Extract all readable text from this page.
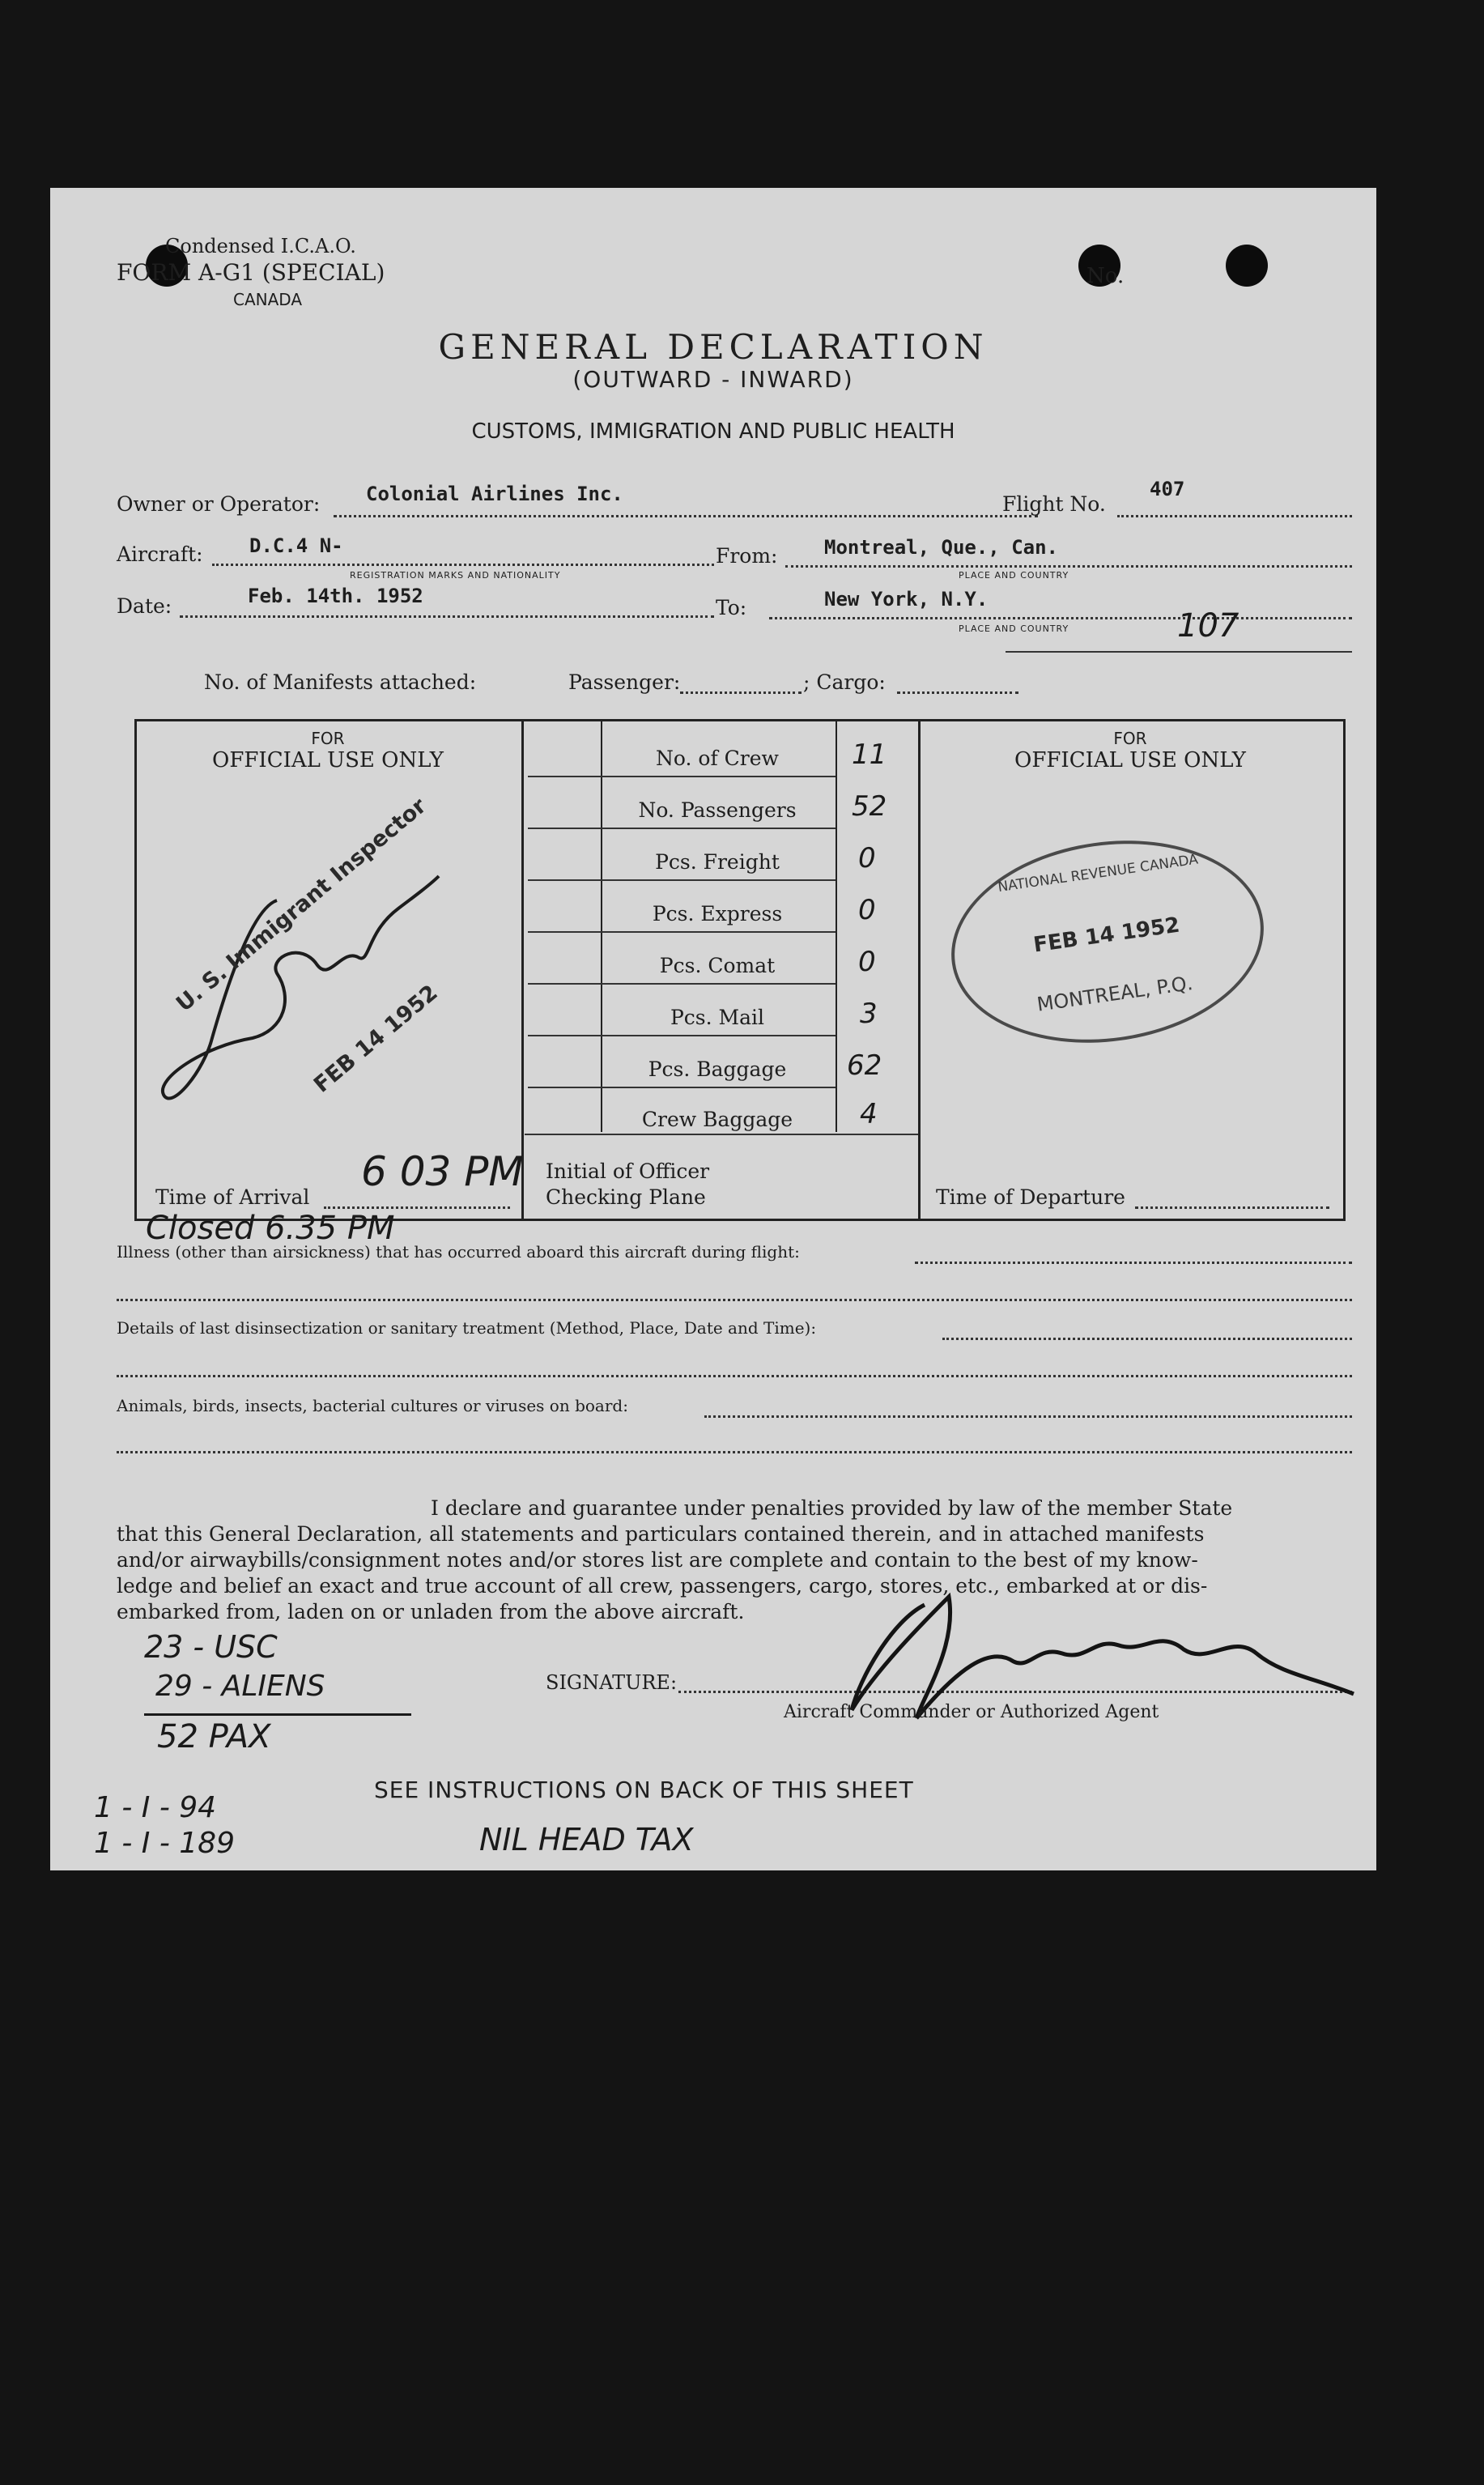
Condensed I.C.A.O.
FORM A-G1 (SPECIAL)
CANADA
No.
GENERAL DECLARATION
(OUTWARD - INWARD)
CUSTOMS, IMMIGRATION AND PUBLIC HEALTH
Owner or Operator: Colonial Airlines Inc.	Flight No.
407
Aircraft: D.C.4 N-
REGISTRATION MARKS AND NATIONALITY
From: Montreal, Que., Can.
PLACE AND COUNTRY
Date:	Feb. 14th. 1952	To:	New York, N.Y.
PLACE AND COUNTRY	107
No. of Manifests attached:	Passenger:	; Cargo:
FOR
OFFICIAL USE ONLY
FOR
OFFICIAL USE ONLY
No. of Crew	11
No. Passengers	52
Pcs. Freight	0
Pcs. Express	0
Pcs. Comat	0
Pcs. Mail	3
Pcs. Baggage	62
Crew Baggage	4
U. S. Immigrant Inspector
FEB 14 1952
NATIONAL REVENUE CANADA
FEB 14 1952
MONTREAL, P.Q.
Time of Arrival
6 03 PM Initial of Officer
Checking Plane	Time of Departure
Closed 6.35 PM
Illness (other than airsickness) that has occurred aboard this aircraft during flight:
Details of last disinsectization or sanitary treatment (Method, Place, Date and Time):
Animals, birds, insects, bacterial cultures or viruses on board:
I declare and guarantee under penalties provided by law of the member State
that this General Declaration, all statements and particulars contained therein, and in attached manifests
and/or airwaybills/consignment notes and/or stores list are complete and contain to the best of my know-
ledge and belief an exact and true account of all crew, passengers, cargo, stores, etc., embarked at or dis-
embarked from, laden on or unladen from the above aircraft.
SIGNATURE:
Aircraft Commander or Authorized Agent
23 - USC
29 - ALIENS
52 PAX
1 - I - 94
1 - I - 189	NIL HEAD TAX
SEE INSTRUCTIONS ON BACK OF THIS SHEET
